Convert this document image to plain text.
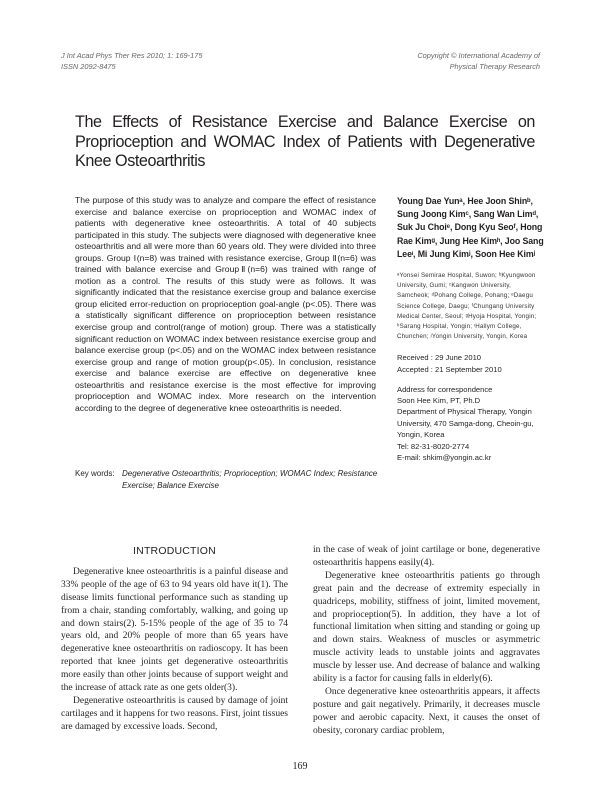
J Int Acad Phys Ther Res 2010; 1: 169-175
ISSN 2092-8475
Copyright © International Academy of
Physical Therapy Research
The Effects of Resistance Exercise and Balance Exercise on Proprioception and WOMAC Index of Patients with Degenerative Knee Osteoarthritis

The purpose of this study was to analyze and compare the effect of resistance exercise and balance exercise on proprioception and WOMAC index of patients with degenerative knee osteoarthritis. A total of 40 subjects participated in this study. The subjects were diagnosed with degenerative knee osteoarthritis and all were more than 60 years old. They were divided into three groups. Group Ⅰ(n=8) was trained with resistance exercise, Group Ⅱ(n=6) was trained with balance exercise and GroupⅡ(n=6) was trained with range of motion as a control. The results of this study were as follows. It was significantly indicated that the resistance exercise group and balance exercise group elicited error-reduction on proprioception goal-angle (p<.05). There was a statistically significant difference on proprioception between resistance exercise group and control(range of motion) group. There was a statistically significant reduction on WOMAC index between resistance exercise group and balance exercise group (p<.05) and on the WOMAC index between resistance exercise group and range of motion group(p<.05). In conclusion, resistance exercise and balance exercise are effective on degenerative knee osteoarthritis and resistance exercise is the most effective for improving proprioception and WOMAC index. More research on the intervention according to the degree of degenerative knee osteoarthritis is needed.

Key words: Degenerative Osteoarthritis; Proprioception; WOMAC Index; Resistance Exercise; Balance Exercise

Young Dae Yunᵃ, Hee Joon Shinᵇ, Sung Joong Kimᶜ, Sang Wan Limᵈ, Suk Ju Choiᵉ, Dong Kyu Seoᶠ, Hong Rae Kimᵍ, Jung Hee Kimʰ, Joo Sang Leeᶦ, Mi Jung Kimʲ, Soon Hee Kimʲ

ᵃYonsei Semirae Hospital, Suwon; ᵇKyungwoon University, Gumi; ᶜKangwon University, Samcheok; ᵈPohang College, Pohang; ᵉDaegu Science College, Daegu; ᶠChungang University Medical Center, Seoul; ᵍHyoja Hospital, Yongin; ʰSarang Hospital, Yongin; ᶦHallym College, Chunchen; ʲYongin University, Yongin, Korea

Received : 29 June 2010
Accepted : 21 September 2010
Address for correspondence
Soon Hee Kim, PT, Ph.D
Department of Physical Therapy, Yongin University, 470 Samga-dong, Cheoin-gu, Yongin, Korea
Tel: 82-31-8020-2774
E-mail: shkim@yongin.ac.kr
INTRODUCTION

Degenerative knee osteoarthritis is a painful disease and 33% people of the age of 63 to 94 years old have it(1). The disease limits functional performance such as standing up from a chair, standing comfortably, walking, and going up and down stairs(2). 5-15% people of the age of 35 to 74 years old, and 20% people of more than 65 years have degenerative knee osteoarthritis on radioscopy. It has been reported that knee joints get degenerative osteoarthritis more easily than other joints because of support weight and the increase of attack rate as one gets older(3).

Degenerative osteoarthritis is caused by damage of joint cartilages and it happens for two reasons. First, joint tissues are damaged by excessive loads. Second,

in the case of weak of joint cartilage or bone, degenerative osteoarthritis happens easily(4).

Degenerative knee osteoarthritis patients go through great pain and the decrease of extremity especially in quadriceps, mobility, stiffness of joint, limited movement, and proprioception(5). In addition, they have a lot of functional limitation when sitting and standing or going up and down stairs. Weakness of muscles or asymmetric muscle activity leads to unstable joints and aggravates muscle by lesser use. And decrease of balance and walking ability is a factor for causing falls in elderly(6).

Once degenerative knee osteoarthritis appears, it affects posture and gait negatively. Primarily, it decreases muscle power and aerobic capacity. Next, it causes the onset of obesity, coronary cardiac problem,

169
